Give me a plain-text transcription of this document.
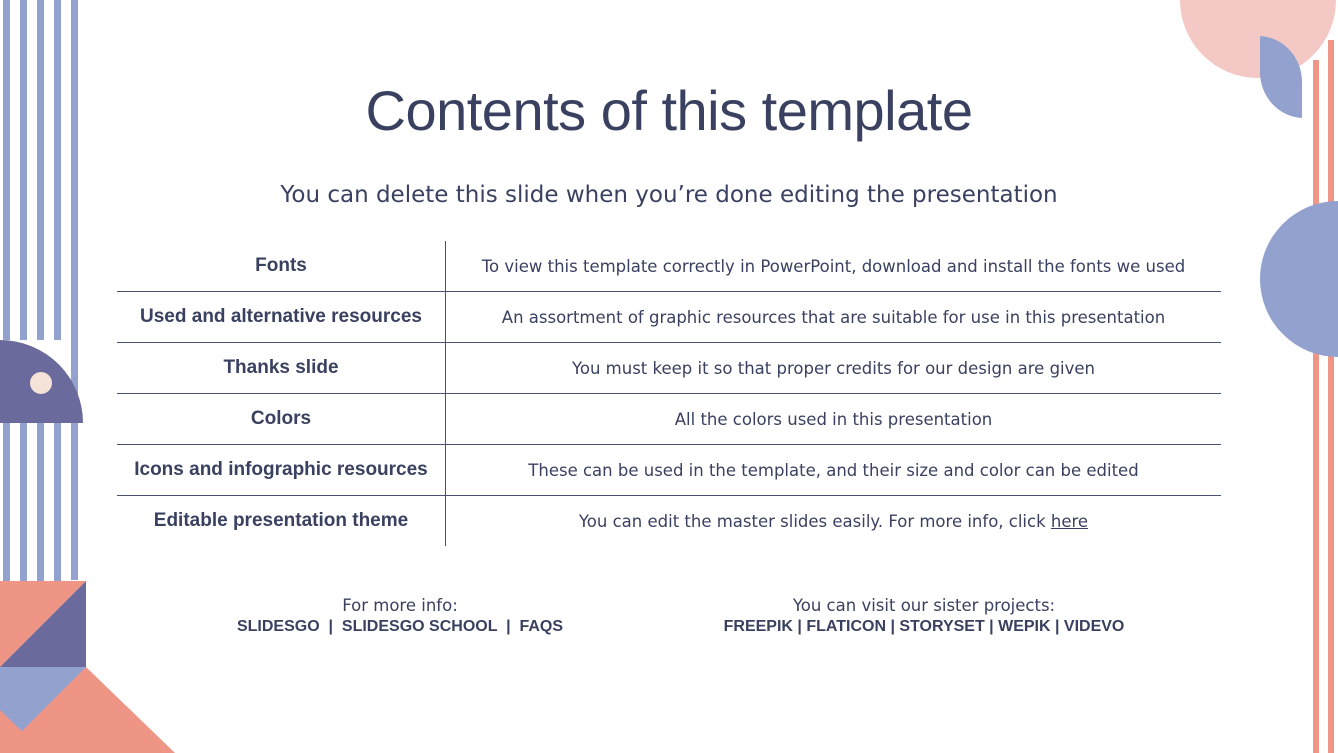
Contents of this template
You can delete this slide when you’re done editing the presentation
Fonts	To view this template correctly in PowerPoint, download and install the fonts we used
Used and alternative resources	An assortment of graphic resources that are suitable for use in this presentation
Thanks slide	You must keep it so that proper credits for our design are given
Colors	All the colors used in this presentation
Icons and infographic resources	These can be used in the template, and their size and color can be edited
Editable presentation theme	You can edit the master slides easily. For more info, click here
For more info:
SLIDESGO  |  SLIDESGO SCHOOL  |  FAQS
You can visit our sister projects:
FREEPIK | FLATICON | STORYSET | WEPIK | VIDEVO
